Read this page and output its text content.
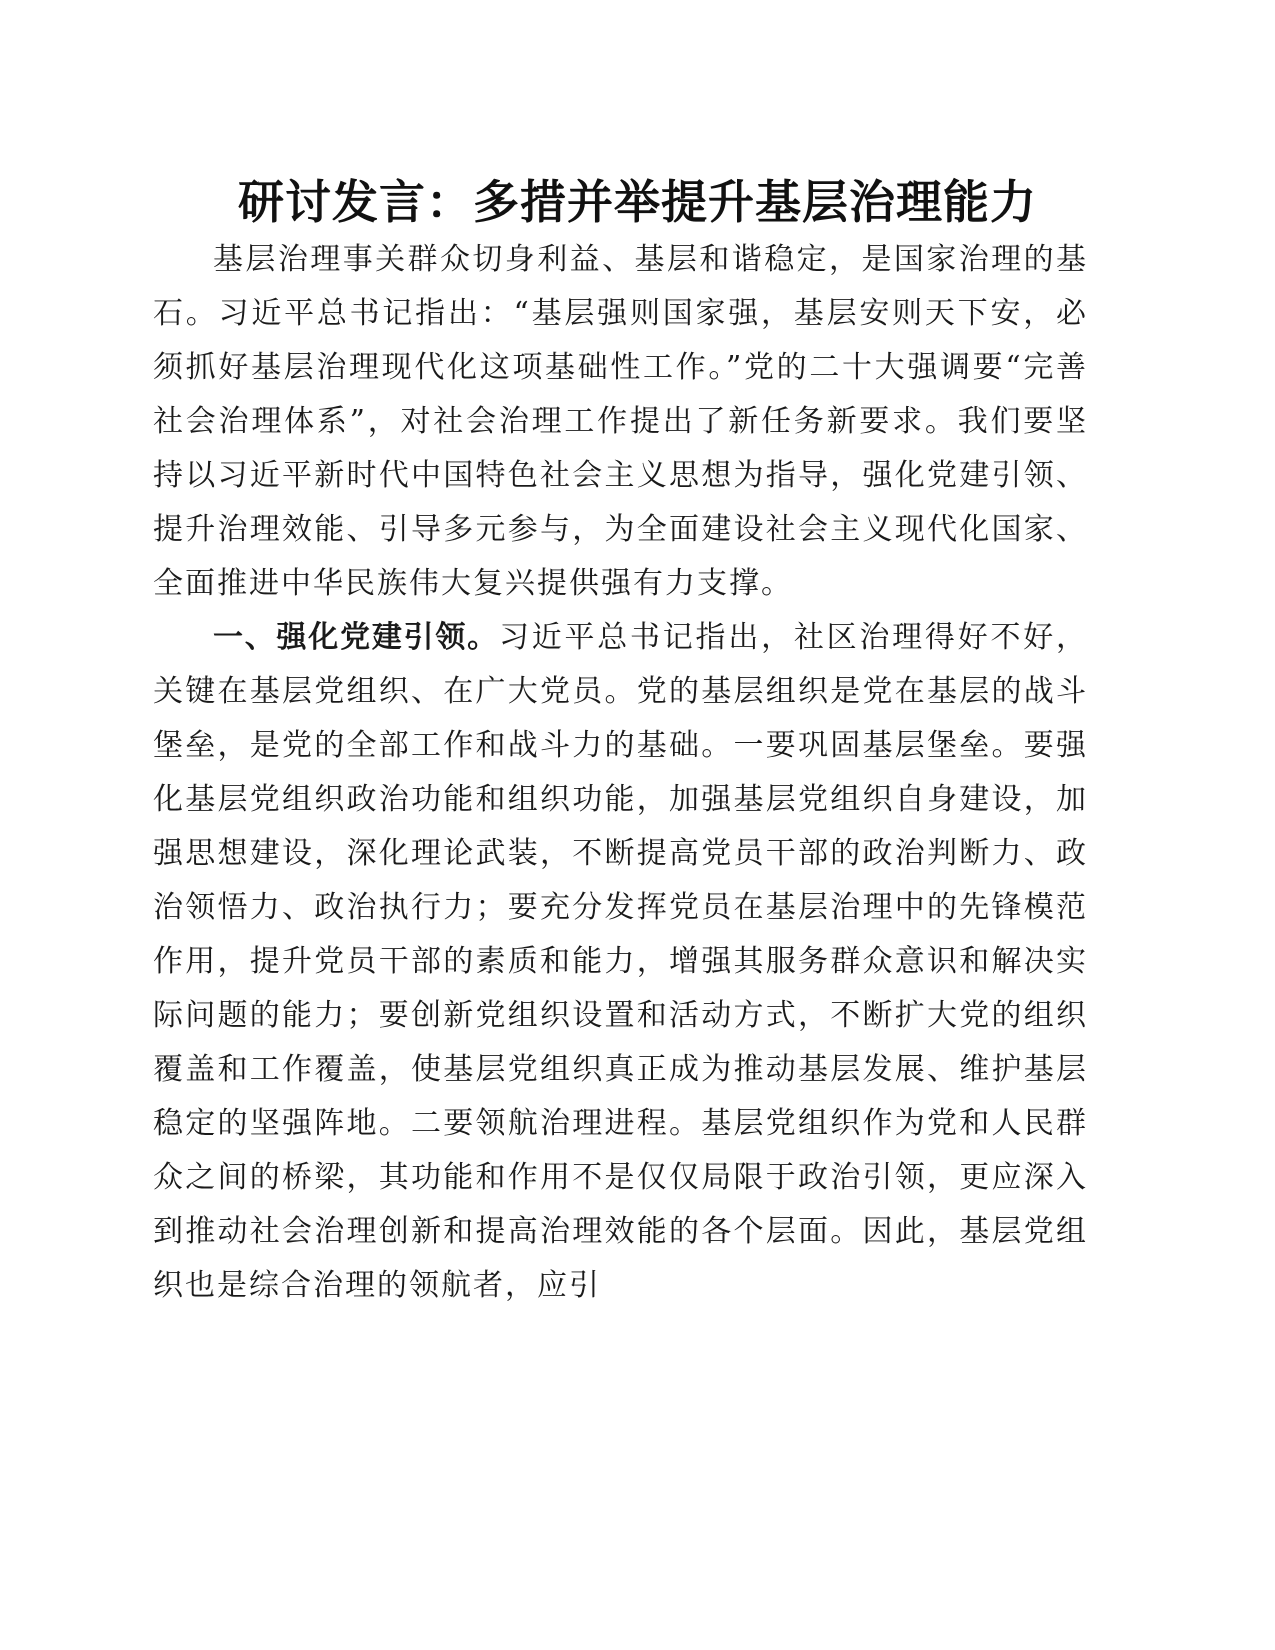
研讨发言：多措并举提升基层治理能力

基层治理事关群众切身利益、基层和谐稳定，是国家治理的基石。习近平总书记指出：“基层强则国家强，基层安则天下安，必须抓好基层治理现代化这项基础性工作。”党的二十大强调要“完善社会治理体系”，对社会治理工作提出了新任务新要求。我们要坚持以习近平新时代中国特色社会主义思想为指导，强化党建引领、提升治理效能、引导多元参与，为全面建设社会主义现代化国家、全面推进中华民族伟大复兴提供强有力支撑。

一、强化党建引领。习近平总书记指出，社区治理得好不好，关键在基层党组织、在广大党员。党的基层组织是党在基层的战斗堡垒，是党的全部工作和战斗力的基础。一要巩固基层堡垒。要强化基层党组织政治功能和组织功能，加强基层党组织自身建设，加强思想建设，深化理论武装，不断提高党员干部的政治判断力、政治领悟力、政治执行力；要充分发挥党员在基层治理中的先锋模范作用，提升党员干部的素质和能力，增强其服务群众意识和解决实际问题的能力；要创新党组织设置和活动方式，不断扩大党的组织覆盖和工作覆盖，使基层党组织真正成为推动基层发展、维护基层稳定的坚强阵地。二要领航治理进程。基层党组织作为党和人民群众之间的桥梁，其功能和作用不是仅仅局限于政治引领，更应深入到推动社会治理创新和提高治理效能的各个层面。因此，基层党组织也是综合治理的领航者，应引
